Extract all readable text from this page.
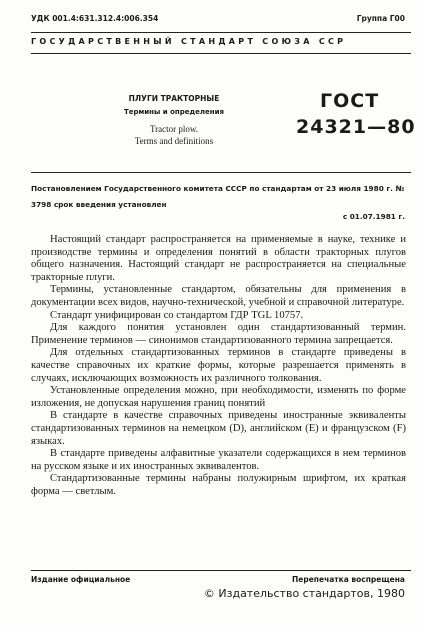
УДК 001.4:631.312.4:006.354	Группа Г00
ГОСУДАРСТВЕННЫЙ СТАНДАРТ СОЮЗА ССР
ПЛУГИ ТРАКТОРНЫЕ
Термины и определения
Tractor plow.
Terms and definitions
ГОСТ
24321—80
Постановлением Государственного комитета СССР по стандартам от 23 июля 1980 г. № 3798 срок введения установлен
с 01.07.1981 г.

Настоящий стандарт распространяется на применяемые в науке, технике и производстве термины и определения понятий в области тракторных плугов общего назначения. Настоящий стандарт не распространяется на специальные тракторные плуги.

Термины, установленные стандартом, обязательны для применения в документации всех видов, научно-технической, учебной и справочной литературе.

Стандарт унифицирован со стандартом ГДР TGL 10757.

Для каждого понятия установлен один стандартизованный термин. Применение терминов — синонимов стандартизованного термина запрещается.

Для отдельных стандартизованных терминов в стандарте приведены в качестве справочных их краткие формы, которые разрешается применять в случаях, исключающих возможность их различного толкования.

Установленные определения можно, при необходимости, изменять по форме изложения, не допуская нарушения границ понятий

В стандарте в качестве справочных приведены иностранные эквиваленты стандартизованных терминов на немецком (D), английском (E) и французском (F) языках.

В стандарте приведены алфавитные указатели содержащихся в нем терминов на русском языке и их иностранных эквивалентов.

Стандартизованные термины набраны полужирным шрифтом, их краткая форма — светлым.

Издание официальное	Перепечатка воспрещена
© Издательство стандартов, 1980
